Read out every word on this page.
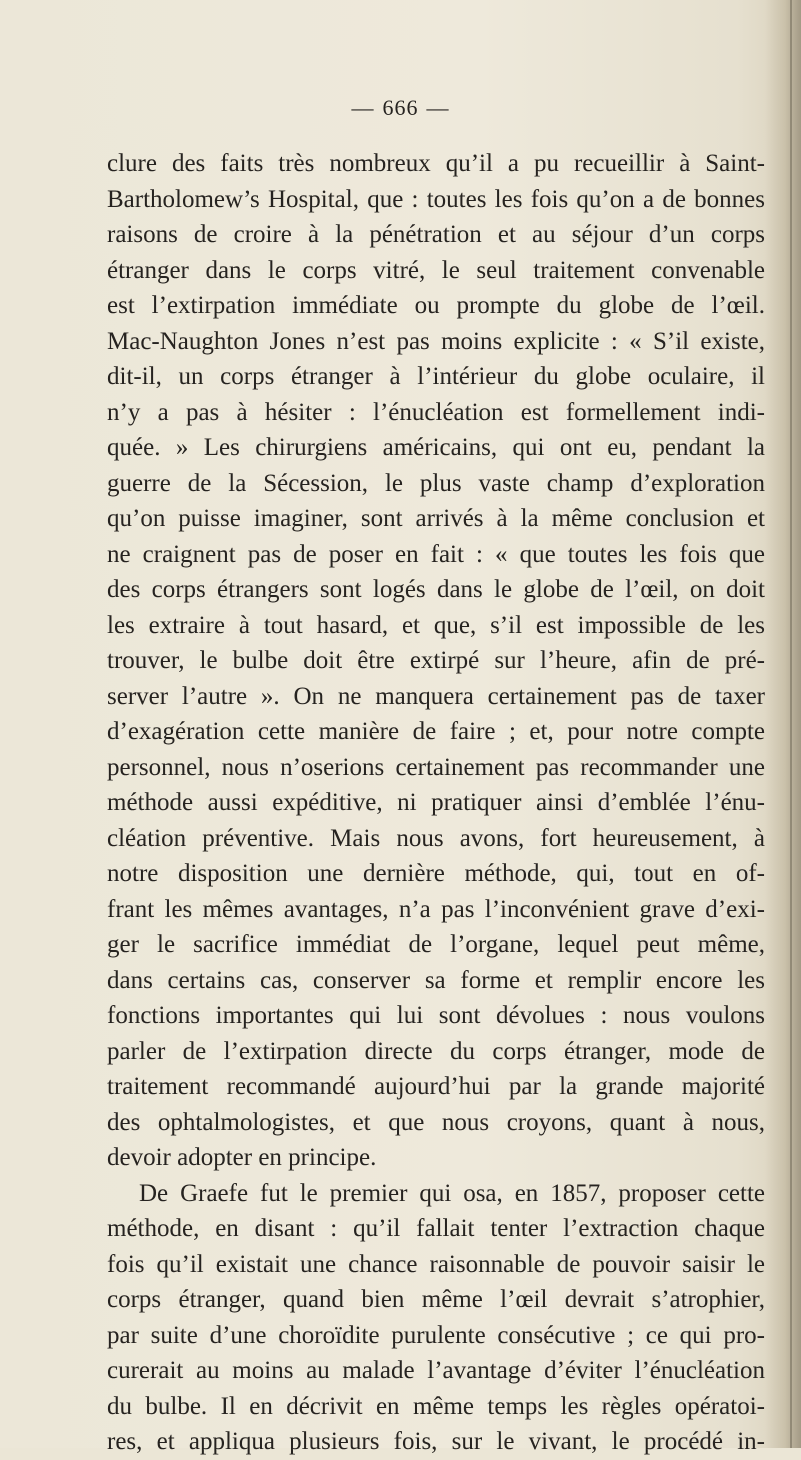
— 666 —
clure des faits très nombreux qu’il a pu recueillir à Saint-
Bartholomew’s Hospital, que : toutes les fois qu’on a de bonnes
raisons de croire à la pénétration et au séjour d’un corps
étranger dans le corps vitré, le seul traitement convenable
est l’extirpation immédiate ou prompte du globe de l’œil.
Mac-Naughton Jones n’est pas moins explicite : « S’il existe,
dit-il, un corps étranger à l’intérieur du globe oculaire, il
n’y a pas à hésiter : l’énucléation est formellement indi-
quée. » Les chirurgiens américains, qui ont eu, pendant la
guerre de la Sécession, le plus vaste champ d’exploration
qu’on puisse imaginer, sont arrivés à la même conclusion et
ne craignent pas de poser en fait : « que toutes les fois que
des corps étrangers sont logés dans le globe de l’œil, on doit
les extraire à tout hasard, et que, s’il est impossible de les
trouver, le bulbe doit être extirpé sur l’heure, afin de pré-
server l’autre ». On ne manquera certainement pas de taxer
d’exagération cette manière de faire ; et, pour notre compte
personnel, nous n’oserions certainement pas recommander une
méthode aussi expéditive, ni pratiquer ainsi d’emblée l’énu-
cléation préventive. Mais nous avons, fort heureusement, à
notre disposition une dernière méthode, qui, tout en of-
frant les mêmes avantages, n’a pas l’inconvénient grave d’exi-
ger le sacrifice immédiat de l’organe, lequel peut même,
dans certains cas, conserver sa forme et remplir encore les
fonctions importantes qui lui sont dévolues : nous voulons
parler de l’extirpation directe du corps étranger, mode de
traitement recommandé aujourd’hui par la grande majorité
des ophtalmologistes, et que nous croyons, quant à nous,
devoir adopter en principe.
De Graefe fut le premier qui osa, en 1857, proposer cette
méthode, en disant : qu’il fallait tenter l’extraction chaque
fois qu’il existait une chance raisonnable de pouvoir saisir le
corps étranger, quand bien même l’œil devrait s’atrophier,
par suite d’une choroïdite purulente consécutive ; ce qui pro-
curerait au moins au malade l’avantage d’éviter l’énucléation
du bulbe. Il en décrivit en même temps les règles opératoi-
res, et appliqua plusieurs fois, sur le vivant, le procédé in-
